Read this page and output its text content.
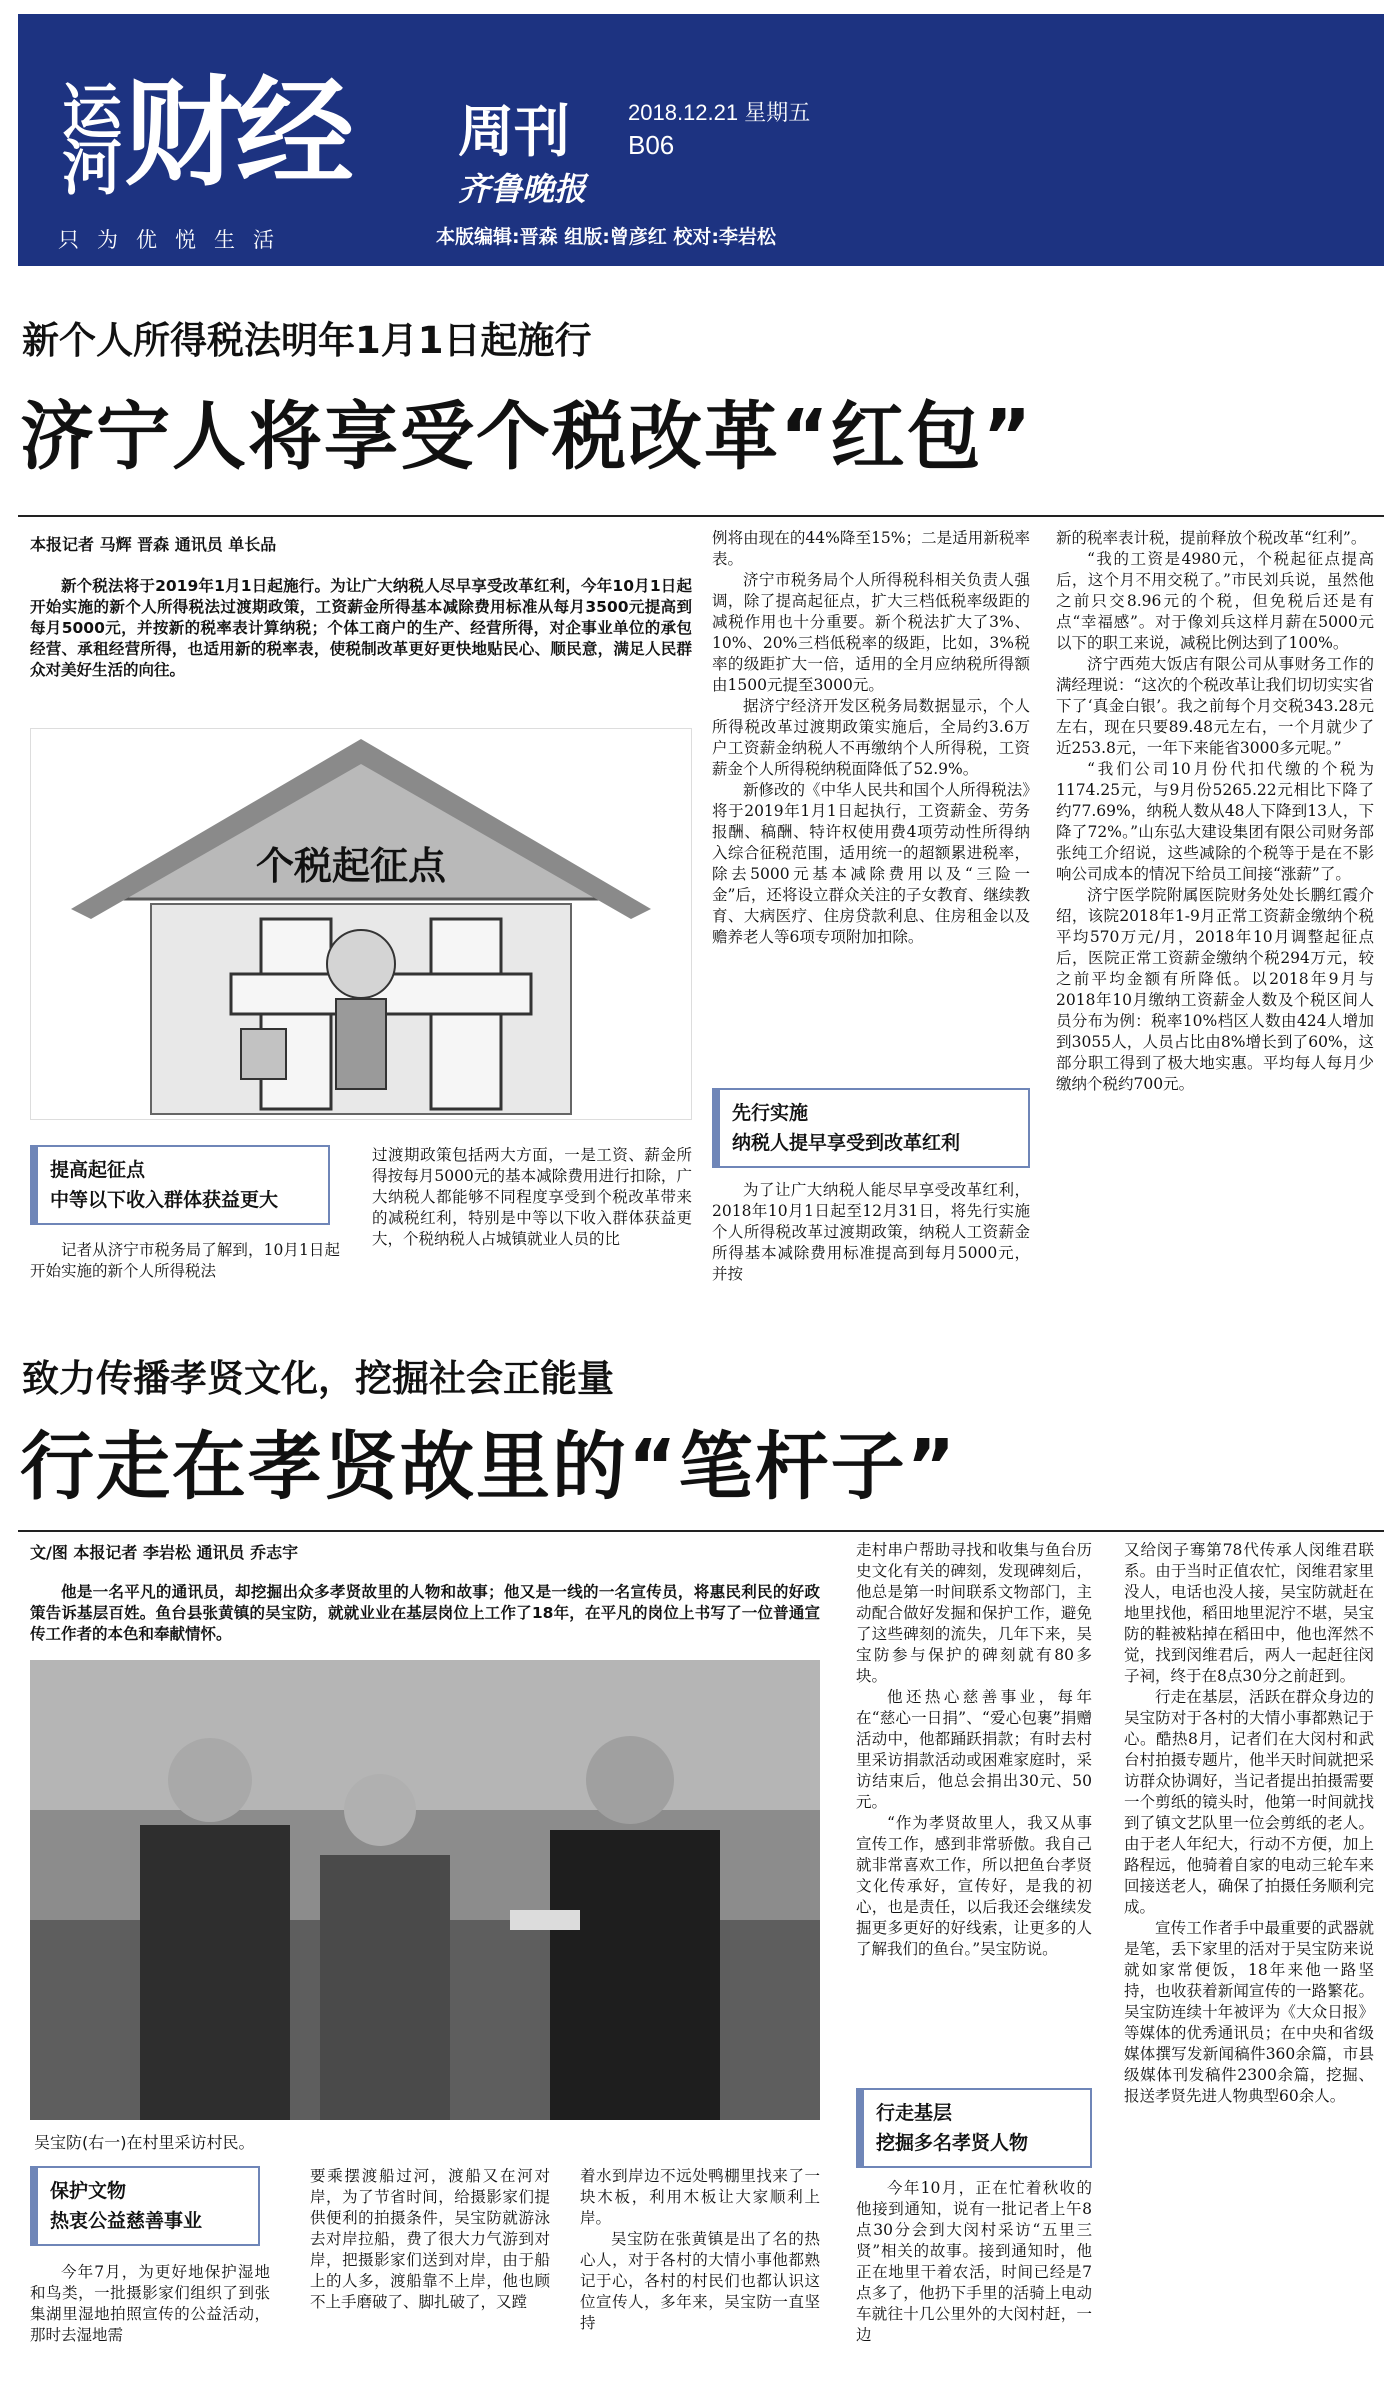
运河 财经 周刊
齐鲁晚报
2018.12.21 星期五
B06
只为优悦生活	本版编辑:晋森 组版:曾彦红 校对:李岩松
新个人所得税法明年1月1日起施行
济宁人将享受个税改革“红包”
本报记者 马辉 晋森 通讯员 单长品
新个税法将于2019年1月1日起施行。为让广大纳税人尽早享受改革红利，今年10月1日起开始实施的新个人所得税法过渡期政策，工资薪金所得基本减除费用标准从每月3500元提高到每月5000元，并按新的税率表计算纳税；个体工商户的生产、经营所得，对企事业单位的承包经营、承租经营所得，也适用新的税率表，使税制改革更好更快地贴民心、顺民意，满足人民群众对美好生活的向往。
个税起征点
提高起征点
中等以下收入群体获益更大

记者从济宁市税务局了解到，10月1日起开始实施的新个人所得税法

过渡期政策包括两大方面，一是工资、薪金所得按每月5000元的基本减除费用进行扣除，广大纳税人都能够不同程度享受到个税改革带来的减税红利，特别是中等以下收入群体获益更大，个税纳税人占城镇就业人员的比

例将由现在的44%降至15%；二是适用新税率表。

济宁市税务局个人所得税科相关负责人强调，除了提高起征点，扩大三档低税率级距的减税作用也十分重要。新个税法扩大了3%、10%、20%三档低税率的级距，比如，3%税率的级距扩大一倍，适用的全月应纳税所得额由1500元提至3000元。

据济宁经济开发区税务局数据显示，个人所得税改革过渡期政策实施后，全局约3.6万户工资薪金纳税人不再缴纳个人所得税，工资薪金个人所得税纳税面降低了52.9%。

新修改的《中华人民共和国个人所得税法》将于2019年1月1日起执行，工资薪金、劳务报酬、稿酬、特许权使用费4项劳动性所得纳入综合征税范围，适用统一的超额累进税率，除去5000元基本减除费用以及“三险一金”后，还将设立群众关注的子女教育、继续教育、大病医疗、住房贷款利息、住房租金以及赡养老人等6项专项附加扣除。

先行实施
纳税人提早享受到改革红利

为了让广大纳税人能尽早享受改革红利，2018年10月1日起至12月31日，将先行实施个人所得税改革过渡期政策，纳税人工资薪金所得基本减除费用标准提高到每月5000元，并按

新的税率表计税，提前释放个税改革“红利”。

“我的工资是4980元，个税起征点提高后，这个月不用交税了。”市民刘兵说，虽然他之前只交8.96元的个税，但免税后还是有点“幸福感”。对于像刘兵这样月薪在5000元以下的职工来说，减税比例达到了100%。

济宁西苑大饭店有限公司从事财务工作的满经理说：“这次的个税改革让我们切切实实省下了‘真金白银’。我之前每个月交税343.28元左右，现在只要89.48元左右，一个月就少了近253.8元，一年下来能省3000多元呢。”

“我们公司10月份代扣代缴的个税为1174.25元，与9月份5265.22元相比下降了约77.69%，纳税人数从48人下降到13人，下降了72%。”山东弘大建设集团有限公司财务部张纯工介绍说，这些减除的个税等于是在不影响公司成本的情况下给员工间接“涨薪”了。

济宁医学院附属医院财务处处长鹏红霞介绍，该院2018年1-9月正常工资薪金缴纳个税平均570万元/月，2018年10月调整起征点后，医院正常工资薪金缴纳个税294万元，较之前平均金额有所降低。以2018年9月与2018年10月缴纳工资薪金人数及个税区间人员分布为例：税率10%档区人数由424人增加到3055人，人员占比由8%增长到了60%，这部分职工得到了极大地实惠。平均每人每月少缴纳个税约700元。

致力传播孝贤文化，挖掘社会正能量
行走在孝贤故里的“笔杆子”
文/图 本报记者 李岩松 通讯员 乔志宇
他是一名平凡的通讯员，却挖掘出众多孝贤故里的人物和故事；他又是一线的一名宣传员，将惠民利民的好政策告诉基层百姓。鱼台县张黄镇的吴宝防，就就业业在基层岗位上工作了18年，在平凡的岗位上书写了一位普通宣传工作者的本色和奉献情怀。
吴宝防(右一)在村里采访村民。
保护文物
热衷公益慈善事业

今年7月，为更好地保护湿地和鸟类，一批摄影家们组织了到张集湖里湿地拍照宣传的公益活动，那时去湿地需

要乘摆渡船过河，渡船又在河对岸，为了节省时间，给摄影家们提供便利的拍摄条件，吴宝防就游泳去对岸拉船，费了很大力气游到对岸，把摄影家们送到对岸，由于船上的人多，渡船靠不上岸，他也顾不上手磨破了、脚扎破了，又蹚

着水到岸边不远处鸭棚里找来了一块木板，利用木板让大家顺利上岸。

吴宝防在张黄镇是出了名的热心人，对于各村的大情小事他都熟记于心，各村的村民们也都认识这位宣传人，多年来，吴宝防一直坚持

走村串户帮助寻找和收集与鱼台历史文化有关的碑刻，发现碑刻后，他总是第一时间联系文物部门，主动配合做好发掘和保护工作，避免了这些碑刻的流失，几年下来，吴宝防参与保护的碑刻就有80多块。

他还热心慈善事业，每年在“慈心一日捐”、“爱心包裹”捐赠活动中，他都踊跃捐款；有时去村里采访捐款活动或困难家庭时，采访结束后，他总会捐出30元、50元。

“作为孝贤故里人，我又从事宣传工作，感到非常骄傲。我自己就非常喜欢工作，所以把鱼台孝贤文化传承好，宣传好，是我的初心，也是责任，以后我还会继续发掘更多更好的好线索，让更多的人了解我们的鱼台。”吴宝防说。

行走基层
挖掘多名孝贤人物

今年10月，正在忙着秋收的他接到通知，说有一批记者上午8点30分会到大闵村采访“五里三贤”相关的故事。接到通知时，他正在地里干着农活，时间已经是7点多了，他扔下手里的活骑上电动车就往十几公里外的大闵村赶，一边

又给闵子骞第78代传承人闵维君联系。由于当时正值农忙，闵维君家里没人，电话也没人接，吴宝防就赶在地里找他，稻田地里泥泞不堪，吴宝防的鞋被粘掉在稻田中，他也浑然不觉，找到闵维君后，两人一起赶往闵子祠，终于在8点30分之前赶到。

行走在基层，活跃在群众身边的吴宝防对于各村的大情小事都熟记于心。酷热8月，记者们在大闵村和武台村拍摄专题片，他半天时间就把采访群众协调好，当记者提出拍摄需要一个剪纸的镜头时，他第一时间就找到了镇文艺队里一位会剪纸的老人。由于老人年纪大，行动不方便，加上路程远，他骑着自家的电动三轮车来回接送老人，确保了拍摄任务顺利完成。

宣传工作者手中最重要的武器就是笔，丢下家里的活对于吴宝防来说就如家常便饭，18年来他一路坚持，也收获着新闻宣传的一路繁花。吴宝防连续十年被评为《大众日报》等媒体的优秀通讯员；在中央和省级媒体撰写发新闻稿件360余篇，市县级媒体刊发稿件2300余篇，挖掘、报送孝贤先进人物典型60余人。
